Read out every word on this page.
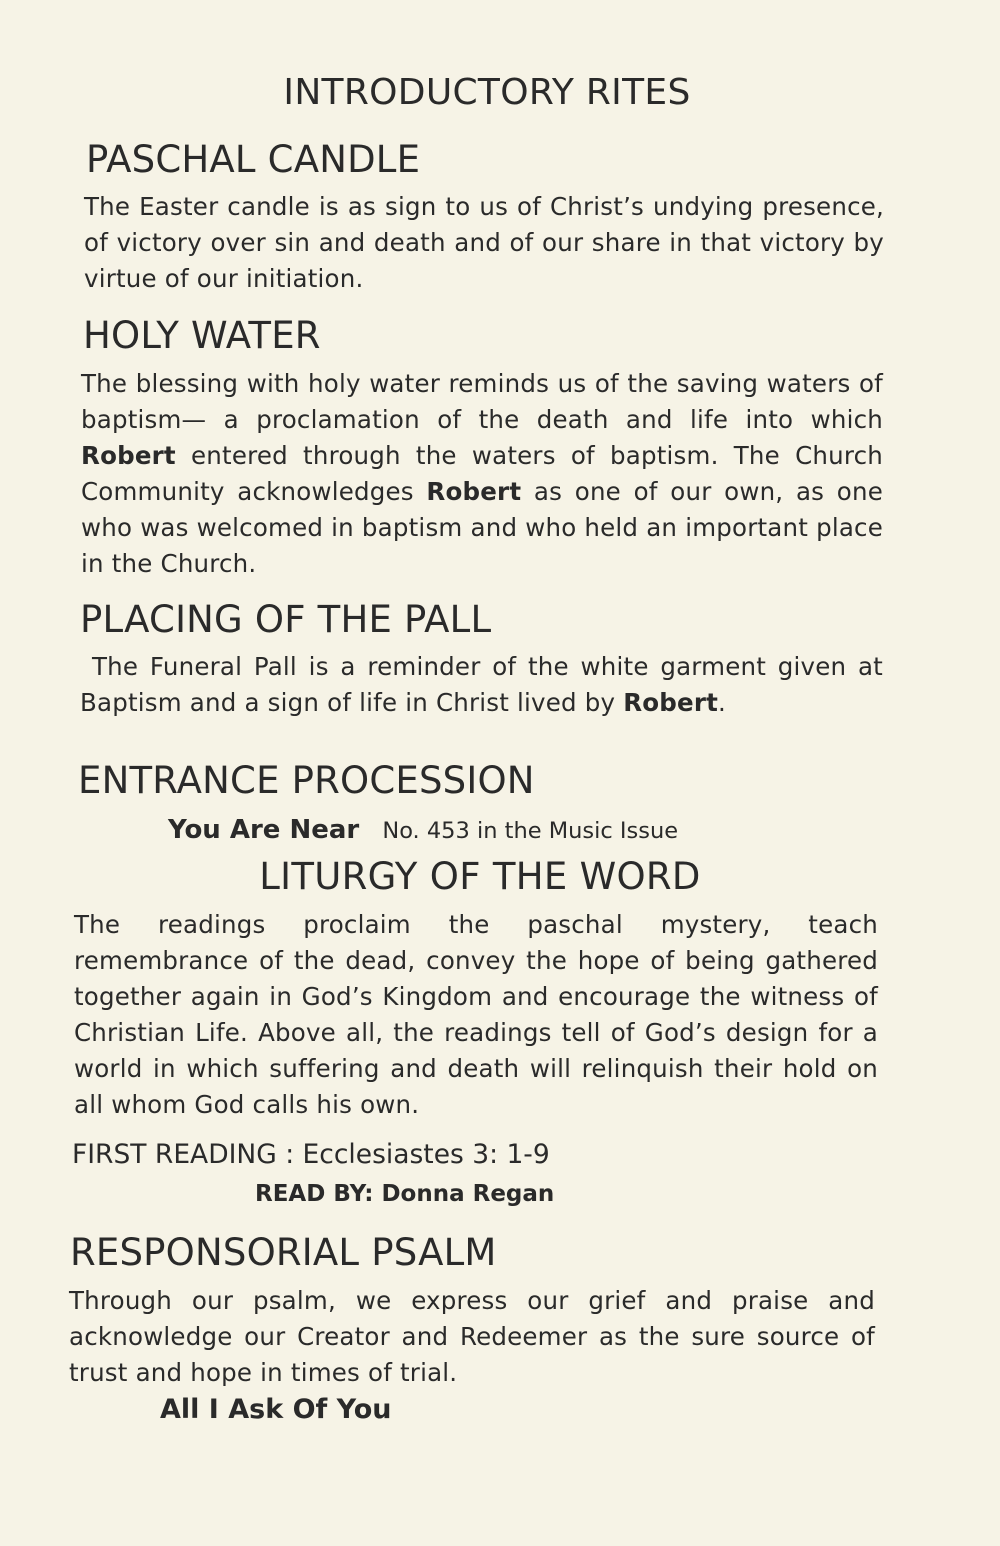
INTRODUCTORY RITES
PASCHAL CANDLE

The Easter candle is as sign to us of Christ’s undying presence, of victory over sin and death and of our share in that victory by virtue of our initiation.

HOLY WATER

The blessing with holy water reminds us of the saving waters of baptism— a proclamation of the death and life into which Robert entered through the waters of baptism. The Church Community acknowledges Robert as one of our own, as one who was welcomed in baptism and who held an important place in the Church.

PLACING OF THE PALL

The Funeral Pall is a reminder of the white garment given at Baptism and a sign of life in Christ lived by Robert.

ENTRANCE PROCESSION
You Are Near No. 453 in the Music Issue
LITURGY OF THE WORD

The readings proclaim the paschal mystery, teach remembrance of the dead, convey the hope of being gathered together again in God’s Kingdom and encourage the witness of Christian Life. Above all, the readings tell of God’s design for a world in which suffering and death will relinquish their hold on all whom God calls his own.

FIRST READING : Ecclesiastes 3: 1-9

READ BY: Donna Regan

RESPONSORIAL PSALM

Through our psalm, we express our grief and praise and acknowledge our Creator and Redeemer as the sure source of trust and hope in times of trial.

All I Ask Of You
